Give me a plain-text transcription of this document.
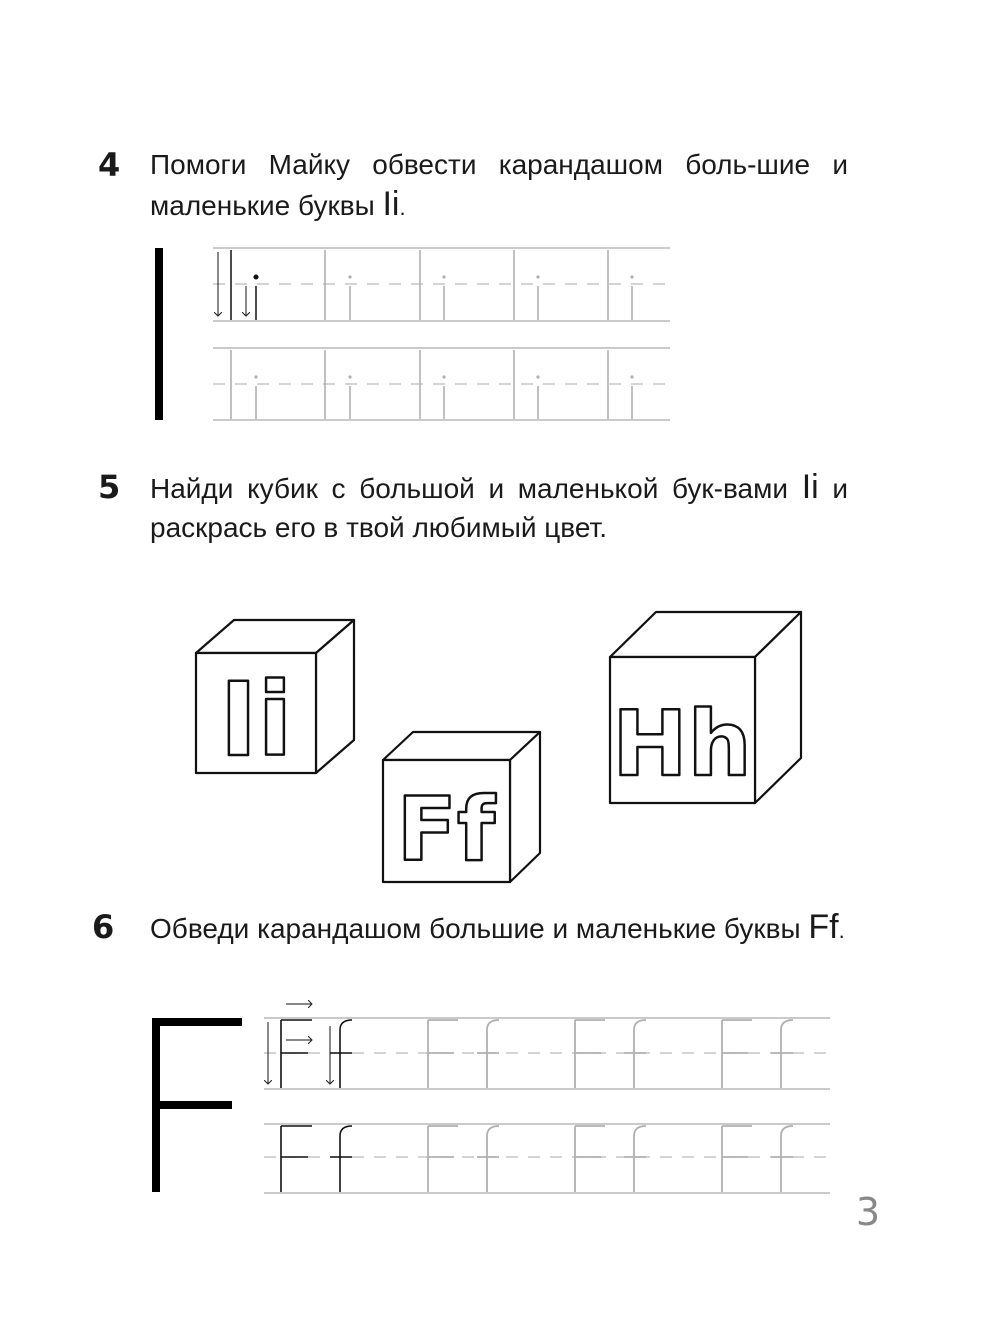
4 Помоги Майку обвести карандашом боль-шие и маленькие буквы Ii.

5 Найди кубик с большой и маленькой бук-вами Ii и раскрась его в твой любимый цвет.

6 Обведи карандашом большие и маленькие буквы Ff.

Ii
Ff
Hh
3
